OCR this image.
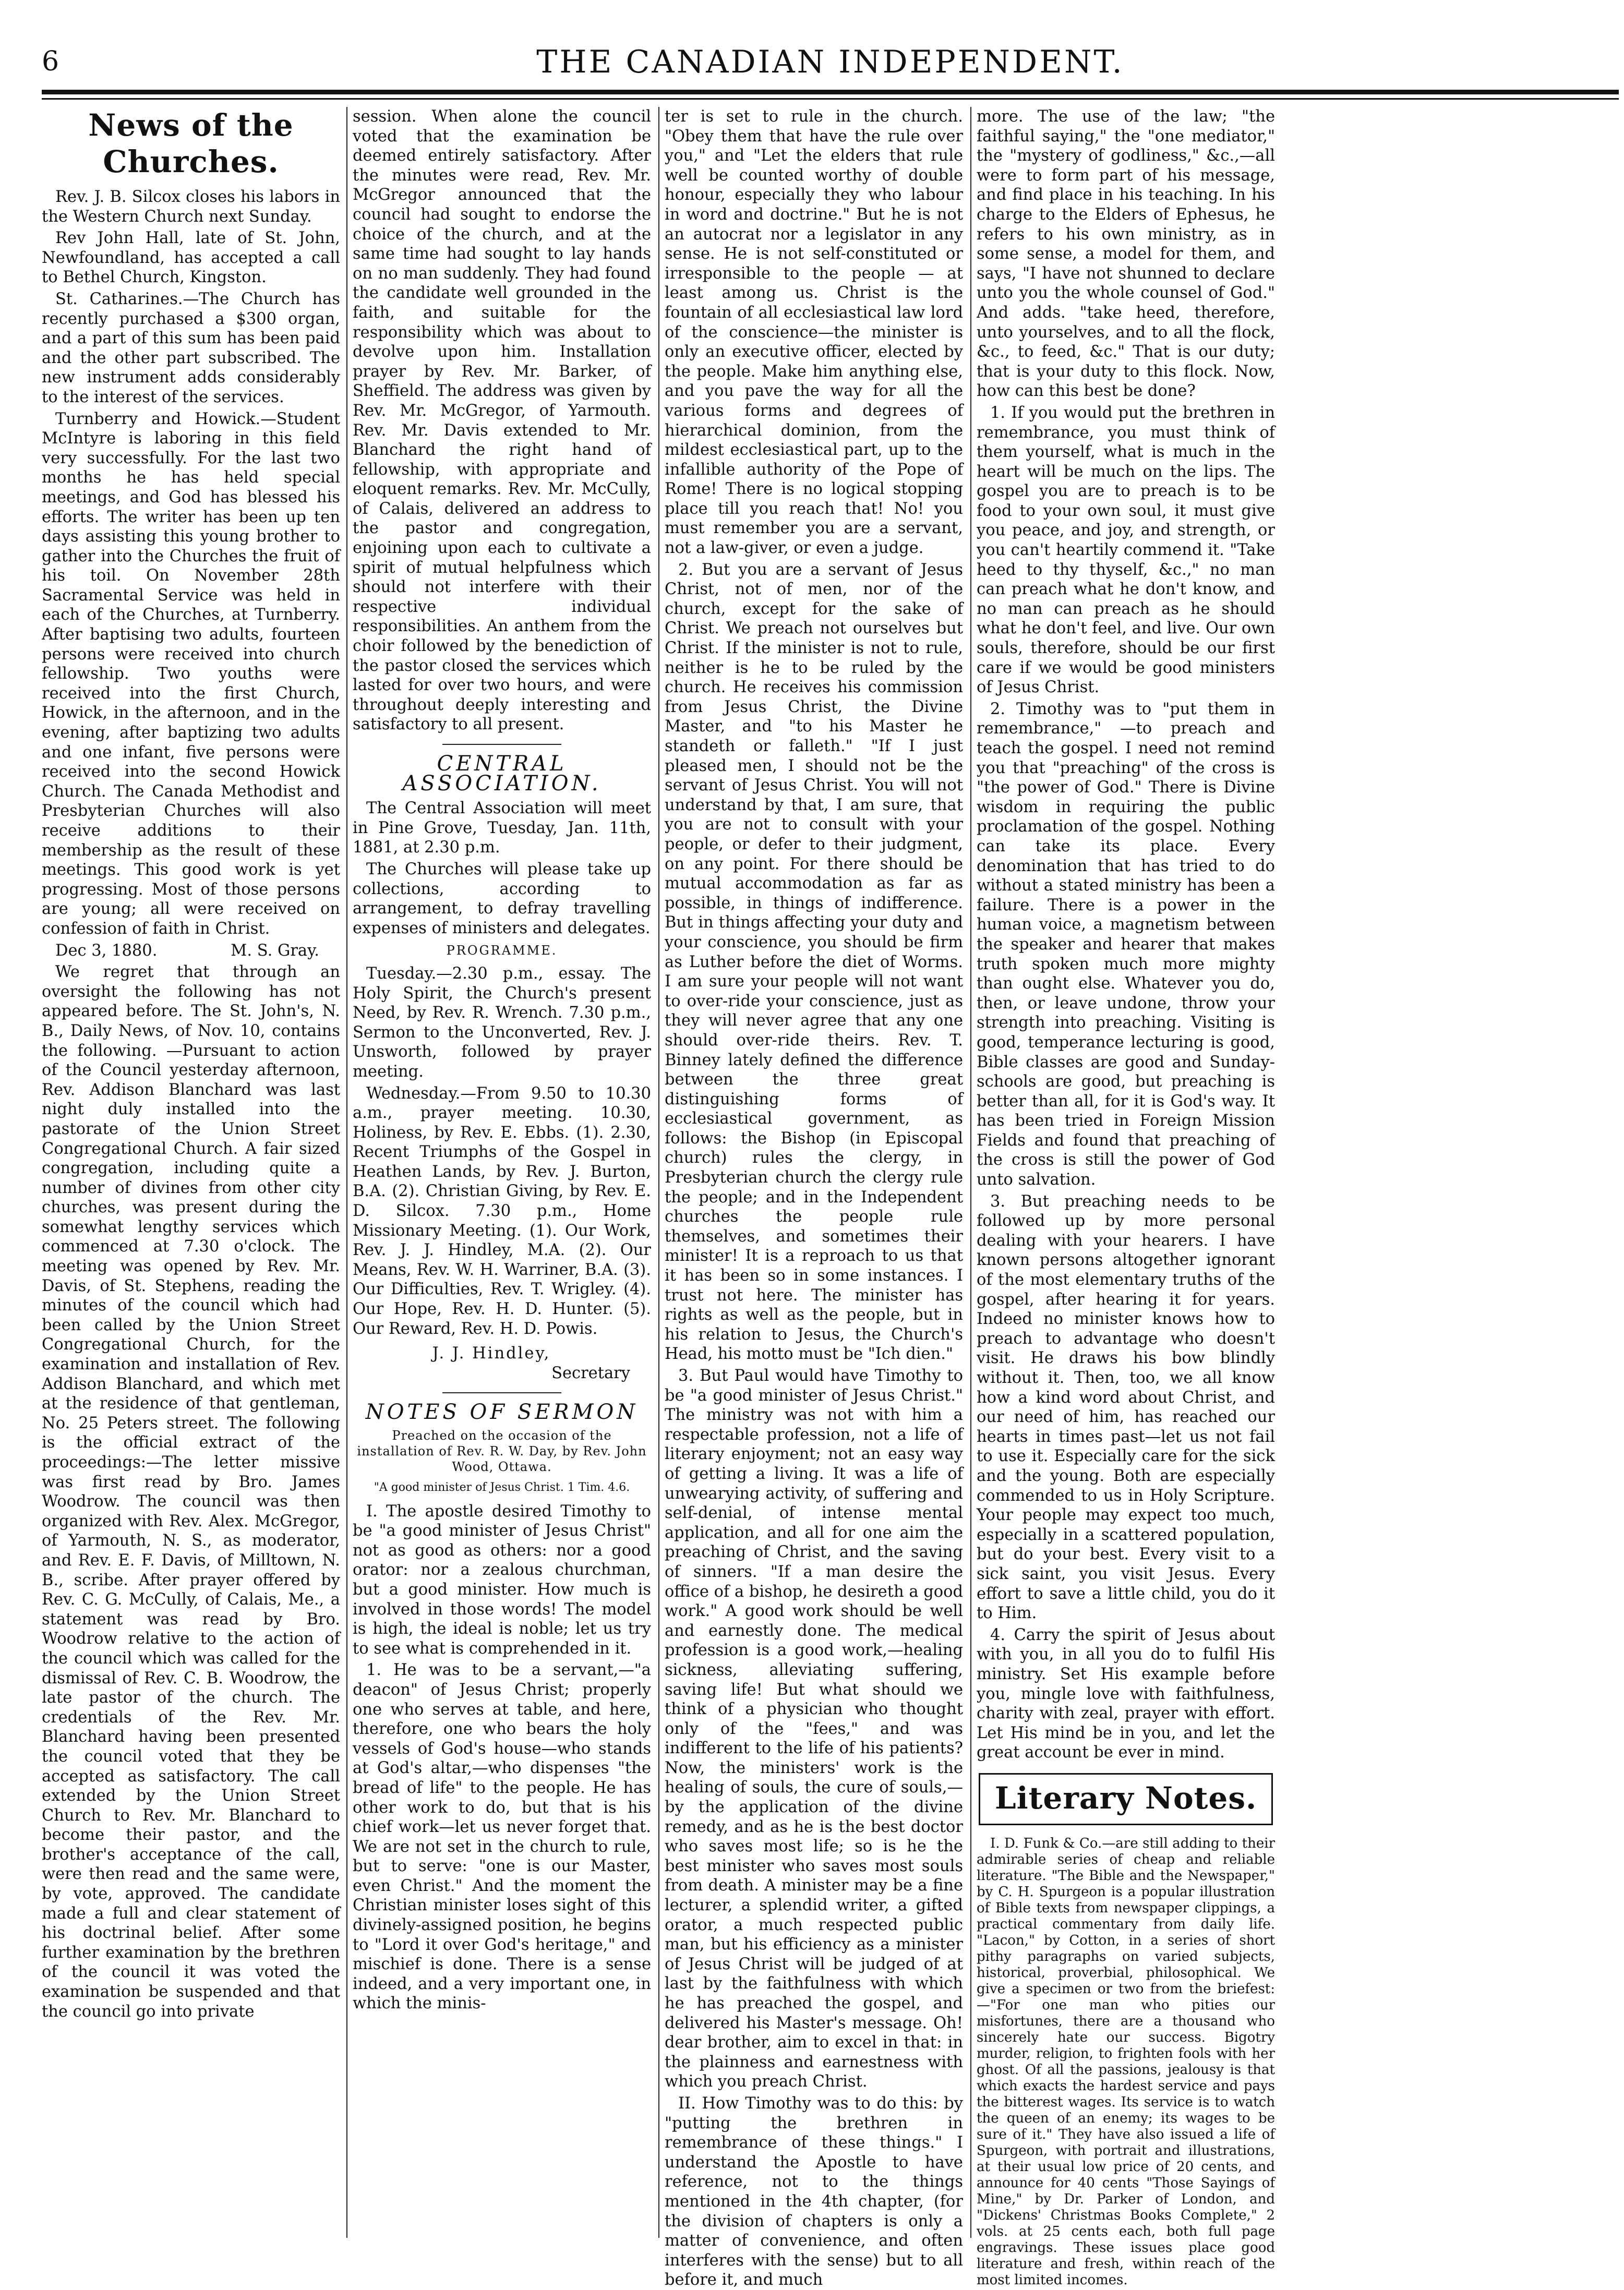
6	THE CANADIAN INDEPENDENT.
News of the Churches.

Rev. J. B. Silcox closes his labors in the Western Church next Sunday.

Rev John Hall, late of St. John, Newfoundland, has accepted a call to Bethel Church, Kingston.

St. Catharines.—The Church has recently purchased a $300 organ, and a part of this sum has been paid and the other part subscribed. The new instrument adds considerably to the interest of the services.

Turnberry and Howick.—Student McIntyre is laboring in this field very successfully. For the last two months he has held special meetings, and God has blessed his efforts. The writer has been up ten days assisting this young brother to gather into the Churches the fruit of his toil. On November 28th Sacramental Service was held in each of the Churches, at Turnberry. After baptising two adults, fourteen persons were received into church fellowship. Two youths were received into the first Church, Howick, in the afternoon, and in the evening, after baptizing two adults and one infant, five persons were received into the second Howick Church. The Canada Methodist and Presbyterian Churches will also receive additions to their membership as the result of these meetings. This good work is yet progressing. Most of those persons are young; all were received on confession of faith in Christ.

Dec 3, 1880.	M. S. Gray.

We regret that through an oversight the following has not appeared before. The St. John's, N. B., Daily News, of Nov. 10, contains the following. —Pursuant to action of the Council yesterday afternoon, Rev. Addison Blanchard was last night duly installed into the pastorate of the Union Street Congregational Church. A fair sized congregation, including quite a number of divines from other city churches, was present during the somewhat lengthy services which commenced at 7.30 o'clock. The meeting was opened by Rev. Mr. Davis, of St. Stephens, reading the minutes of the council which had been called by the Union Street Congregational Church, for the examination and installation of Rev. Addison Blanchard, and which met at the residence of that gentleman, No. 25 Peters street. The following is the official extract of the proceedings:—The letter missive was first read by Bro. James Woodrow. The council was then organized with Rev. Alex. McGregor, of Yarmouth, N. S., as moderator, and Rev. E. F. Davis, of Milltown, N. B., scribe. After prayer offered by Rev. C. G. McCully, of Calais, Me., a statement was read by Bro. Woodrow relative to the action of the council which was called for the dismissal of Rev. C. B. Woodrow, the late pastor of the church. The credentials of the Rev. Mr. Blanchard having been presented the council voted that they be accepted as satisfactory. The call extended by the Union Street Church to Rev. Mr. Blanchard to become their pastor, and the brother's acceptance of the call, were then read and the same were, by vote, approved. The candidate made a full and clear statement of his doctrinal belief. After some further examination by the brethren of the council it was voted the examination be suspended and that the council go into private

session. When alone the council voted that the examination be deemed entirely satisfactory. After the minutes were read, Rev. Mr. McGregor announced that the council had sought to endorse the choice of the church, and at the same time had sought to lay hands on no man suddenly. They had found the candidate well grounded in the faith, and suitable for the responsibility which was about to devolve upon him. Installation prayer by Rev. Mr. Barker, of Sheffield. The address was given by Rev. Mr. McGregor, of Yarmouth. Rev. Mr. Davis extended to Mr. Blanchard the right hand of fellowship, with appropriate and eloquent remarks. Rev. Mr. McCully, of Calais, delivered an address to the pastor and congregation, enjoining upon each to cultivate a spirit of mutual helpfulness which should not interfere with their respective individual responsibilities. An anthem from the choir followed by the benediction of the pastor closed the services which lasted for over two hours, and were throughout deeply interesting and satisfactory to all present.

CENTRAL ASSOCIATION.

The Central Association will meet in Pine Grove, Tuesday, Jan. 11th, 1881, at 2.30 p.m.

The Churches will please take up collections, according to arrangement, to defray travelling expenses of ministers and delegates.

PROGRAMME.

Tuesday.—2.30 p.m., essay. The Holy Spirit, the Church's present Need, by Rev. R. Wrench. 7.30 p.m., Sermon to the Unconverted, Rev. J. Unsworth, followed by prayer meeting.

Wednesday.—From 9.50 to 10.30 a.m., prayer meeting. 10.30, Holiness, by Rev. E. Ebbs. (1). 2.30, Recent Triumphs of the Gospel in Heathen Lands, by Rev. J. Burton, B.A. (2). Christian Giving, by Rev. E. D. Silcox. 7.30 p.m., Home Missionary Meeting. (1). Our Work, Rev. J. J. Hindley, M.A. (2). Our Means, Rev. W. H. Warriner, B.A. (3). Our Difficulties, Rev. T. Wrigley. (4). Our Hope, Rev. H. D. Hunter. (5). Our Reward, Rev. H. D. Powis.

J. J. Hindley,
Secretary
NOTES OF SERMON
Preached on the occasion of the installation of Rev. R. W. Day, by Rev. John Wood, Ottawa.
"A good minister of Jesus Christ. 1 Tim. 4.6.

I. The apostle desired Timothy to be "a good minister of Jesus Christ" not as good as others: nor a good orator: nor a zealous churchman, but a good minister. How much is involved in those words! The model is high, the ideal is noble; let us try to see what is comprehended in it.

1. He was to be a servant,—"a deacon" of Jesus Christ; properly one who serves at table, and here, therefore, one who bears the holy vessels of God's house—who stands at God's altar,—who dispenses "the bread of life" to the people. He has other work to do, but that is his chief work—let us never forget that. We are not set in the church to rule, but to serve: "one is our Master, even Christ." And the moment the Christian minister loses sight of this divinely-assigned position, he begins to "Lord it over God's heritage," and mischief is done. There is a sense indeed, and a very important one, in which the minis-

ter is set to rule in the church. "Obey them that have the rule over you," and "Let the elders that rule well be counted worthy of double honour, especially they who labour in word and doctrine." But he is not an autocrat nor a legislator in any sense. He is not self-constituted or irresponsible to the people — at least among us. Christ is the fountain of all ecclesiastical law lord of the conscience—the minister is only an executive officer, elected by the people. Make him anything else, and you pave the way for all the various forms and degrees of hierarchical dominion, from the mildest ecclesiastical part, up to the infallible authority of the Pope of Rome! There is no logical stopping place till you reach that! No! you must remember you are a servant, not a law-giver, or even a judge.

2. But you are a servant of Jesus Christ, not of men, nor of the church, except for the sake of Christ. We preach not ourselves but Christ. If the minister is not to rule, neither is he to be ruled by the church. He receives his commission from Jesus Christ, the Divine Master, and "to his Master he standeth or falleth." "If I just pleased men, I should not be the servant of Jesus Christ. You will not understand by that, I am sure, that you are not to consult with your people, or defer to their judgment, on any point. For there should be mutual accommodation as far as possible, in things of indifference. But in things affecting your duty and your conscience, you should be firm as Luther before the diet of Worms. I am sure your people will not want to over-ride your conscience, just as they will never agree that any one should over-ride theirs. Rev. T. Binney lately defined the difference between the three great distinguishing forms of ecclesiastical government, as follows: the Bishop (in Episcopal church) rules the clergy, in Presbyterian church the clergy rule the people; and in the Independent churches the people rule themselves, and sometimes their minister! It is a reproach to us that it has been so in some instances. I trust not here. The minister has rights as well as the people, but in his relation to Jesus, the Church's Head, his motto must be "Ich dien."

3. But Paul would have Timothy to be "a good minister of Jesus Christ." The ministry was not with him a respectable profession, not a life of literary enjoyment; not an easy way of getting a living. It was a life of unwearying activity, of suffering and self-denial, of intense mental application, and all for one aim the preaching of Christ, and the saving of sinners. "If a man desire the office of a bishop, he desireth a good work." A good work should be well and earnestly done. The medical profession is a good work,—healing sickness, alleviating suffering, saving life! But what should we think of a physician who thought only of the "fees," and was indifferent to the life of his patients? Now, the ministers' work is the healing of souls, the cure of souls,—by the application of the divine remedy, and as he is the best doctor who saves most life; so is he the best minister who saves most souls from death. A minister may be a fine lecturer, a splendid writer, a gifted orator, a much respected public man, but his efficiency as a minister of Jesus Christ will be judged of at last by the faithfulness with which he has preached the gospel, and delivered his Master's message. Oh! dear brother, aim to excel in that: in the plainness and earnestness with which you preach Christ.

II. How Timothy was to do this: by "putting the brethren in remembrance of these things." I understand the Apostle to have reference, not to the things mentioned in the 4th chapter, (for the division of chapters is only a matter of convenience, and often interferes with the sense) but to all before it, and much

more. The use of the law; "the faithful saying," the "one mediator," the "mystery of godliness," &c.,—all were to form part of his message, and find place in his teaching. In his charge to the Elders of Ephesus, he refers to his own ministry, as in some sense, a model for them, and says, "I have not shunned to declare unto you the whole counsel of God." And adds. "take heed, therefore, unto yourselves, and to all the flock, &c., to feed, &c." That is our duty; that is your duty to this flock. Now, how can this best be done?

1. If you would put the brethren in remembrance, you must think of them yourself, what is much in the heart will be much on the lips. The gospel you are to preach is to be food to your own soul, it must give you peace, and joy, and strength, or you can't heartily commend it. "Take heed to thy thyself, &c.," no man can preach what he don't know, and no man can preach as he should what he don't feel, and live. Our own souls, therefore, should be our first care if we would be good ministers of Jesus Christ.

2. Timothy was to "put them in remembrance," —to preach and teach the gospel. I need not remind you that "preaching" of the cross is "the power of God." There is Divine wisdom in requiring the public proclamation of the gospel. Nothing can take its place. Every denomination that has tried to do without a stated ministry has been a failure. There is a power in the human voice, a magnetism between the speaker and hearer that makes truth spoken much more mighty than ought else. Whatever you do, then, or leave undone, throw your strength into preaching. Visiting is good, temperance lecturing is good, Bible classes are good and Sunday-schools are good, but preaching is better than all, for it is God's way. It has been tried in Foreign Mission Fields and found that preaching of the cross is still the power of God unto salvation.

3. But preaching needs to be followed up by more personal dealing with your hearers. I have known persons altogether ignorant of the most elementary truths of the gospel, after hearing it for years. Indeed no minister knows how to preach to advantage who doesn't visit. He draws his bow blindly without it. Then, too, we all know how a kind word about Christ, and our need of him, has reached our hearts in times past—let us not fail to use it. Especially care for the sick and the young. Both are especially commended to us in Holy Scripture. Your people may expect too much, especially in a scattered population, but do your best. Every visit to a sick saint, you visit Jesus. Every effort to save a little child, you do it to Him.

4. Carry the spirit of Jesus about with you, in all you do to fulfil His ministry. Set His example before you, mingle love with faithfulness, charity with zeal, prayer with effort. Let His mind be in you, and let the great account be ever in mind.

Literary Notes.

I. D. Funk & Co.—are still adding to their admirable series of cheap and reliable literature. "The Bible and the Newspaper," by C. H. Spurgeon is a popular illustration of Bible texts from newspaper clippings, a practical commentary from daily life. "Lacon," by Cotton, in a series of short pithy paragraphs on varied subjects, historical, proverbial, philosophical. We give a specimen or two from the briefest:—"For one man who pities our misfortunes, there are a thousand who sincerely hate our success. Bigotry murder, religion, to frighten fools with her ghost. Of all the passions, jealousy is that which exacts the hardest service and pays the bitterest wages. Its service is to watch the queen of an enemy; its wages to be sure of it." They have also issued a life of Spurgeon, with portrait and illustrations, at their usual low price of 20 cents, and announce for 40 cents "Those Sayings of Mine," by Dr. Parker of London, and "Dickens' Christmas Books Complete," 2 vols. at 25 cents each, both full page engravings. These issues place good literature and fresh, within reach of the most limited incomes.
